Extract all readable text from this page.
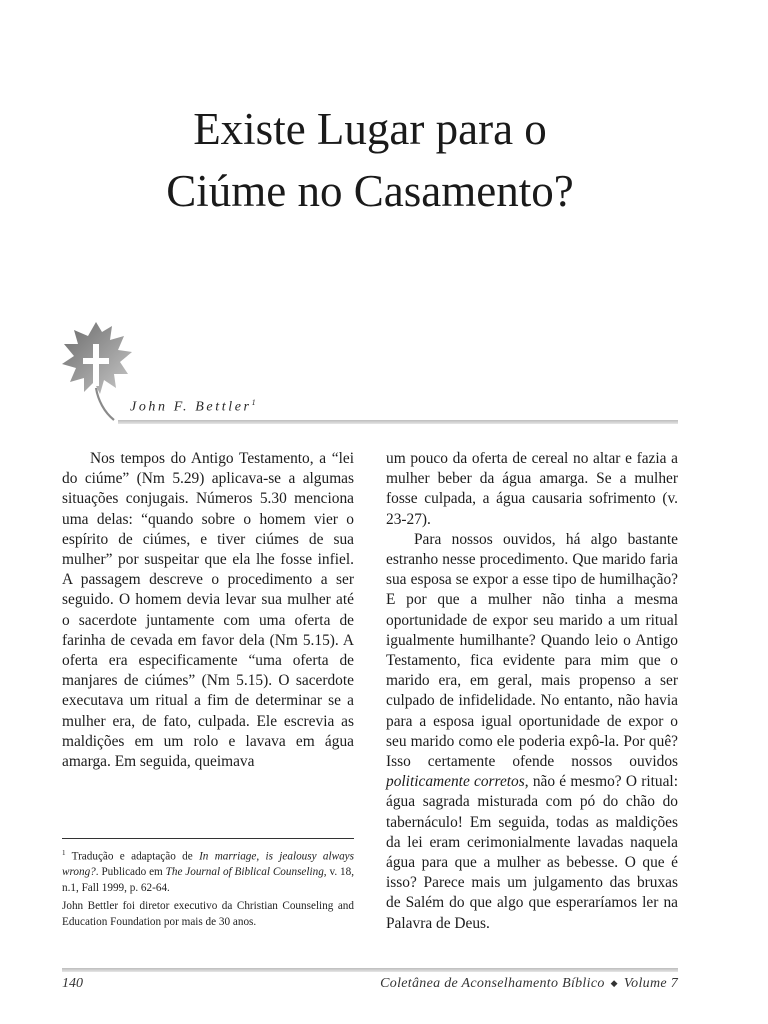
Existe Lugar para o
Ciúme no Casamento?
John F. Bettler$^1$

Nos tempos do Antigo Testamento, a “lei do ciúme” (Nm 5.29) aplicava-se a algumas situações conjugais. Números 5.30 menciona uma delas: “quando sobre o homem vier o espírito de ciúmes, e tiver ciúmes de sua mulher” por suspeitar que ela lhe fosse infiel. A passagem descreve o procedimento a ser seguido. O homem devia levar sua mulher até o sacerdote juntamente com uma oferta de farinha de cevada em favor dela (Nm 5.15). A oferta era especificamente “uma oferta de manjares de ciúmes” (Nm 5.15). O sacerdote executava um ritual a fim de determinar se a mulher era, de fato, culpada. Ele escrevia as maldições em um rolo e lavava em água amarga. Em seguida, queimava

um pouco da oferta de cereal no altar e fazia a mulher beber da água amarga. Se a mulher fosse culpada, a água causaria sofrimento (v. 23-27).

Para nossos ouvidos, há algo bastante estranho nesse procedimento. Que marido faria sua esposa se expor a esse tipo de humilhação? E por que a mulher não tinha a mesma oportunidade de expor seu marido a um ritual igualmente humilhante? Quando leio o Antigo Testamento, fica evidente para mim que o marido era, em geral, mais propenso a ser culpado de infidelidade. No entanto, não havia para a esposa igual oportunidade de expor o seu marido como ele poderia expô-la. Por quê? Isso certamente ofende nossos ouvidos politicamente corretos, não é mesmo? O ritual: água sagrada misturada com pó do chão do tabernáculo! Em seguida, todas as maldições da lei eram cerimonialmente lavadas naquela água para que a mulher as bebesse. O que é isso? Parece mais um julgamento das bruxas de Salém do que algo que esperaríamos ler na Palavra de Deus.

$^1$ Tradução e adaptação de In marriage, is jealousy always wrong?. Publicado em The Journal of Biblical Counseling, v. 18, n.1, Fall 1999, p. 62-64.

John Bettler foi diretor executivo da Christian Counseling and Education Foundation por mais de 30 anos.

140	Coletânea de Aconselhamento Bíblico ◆ Volume 7
